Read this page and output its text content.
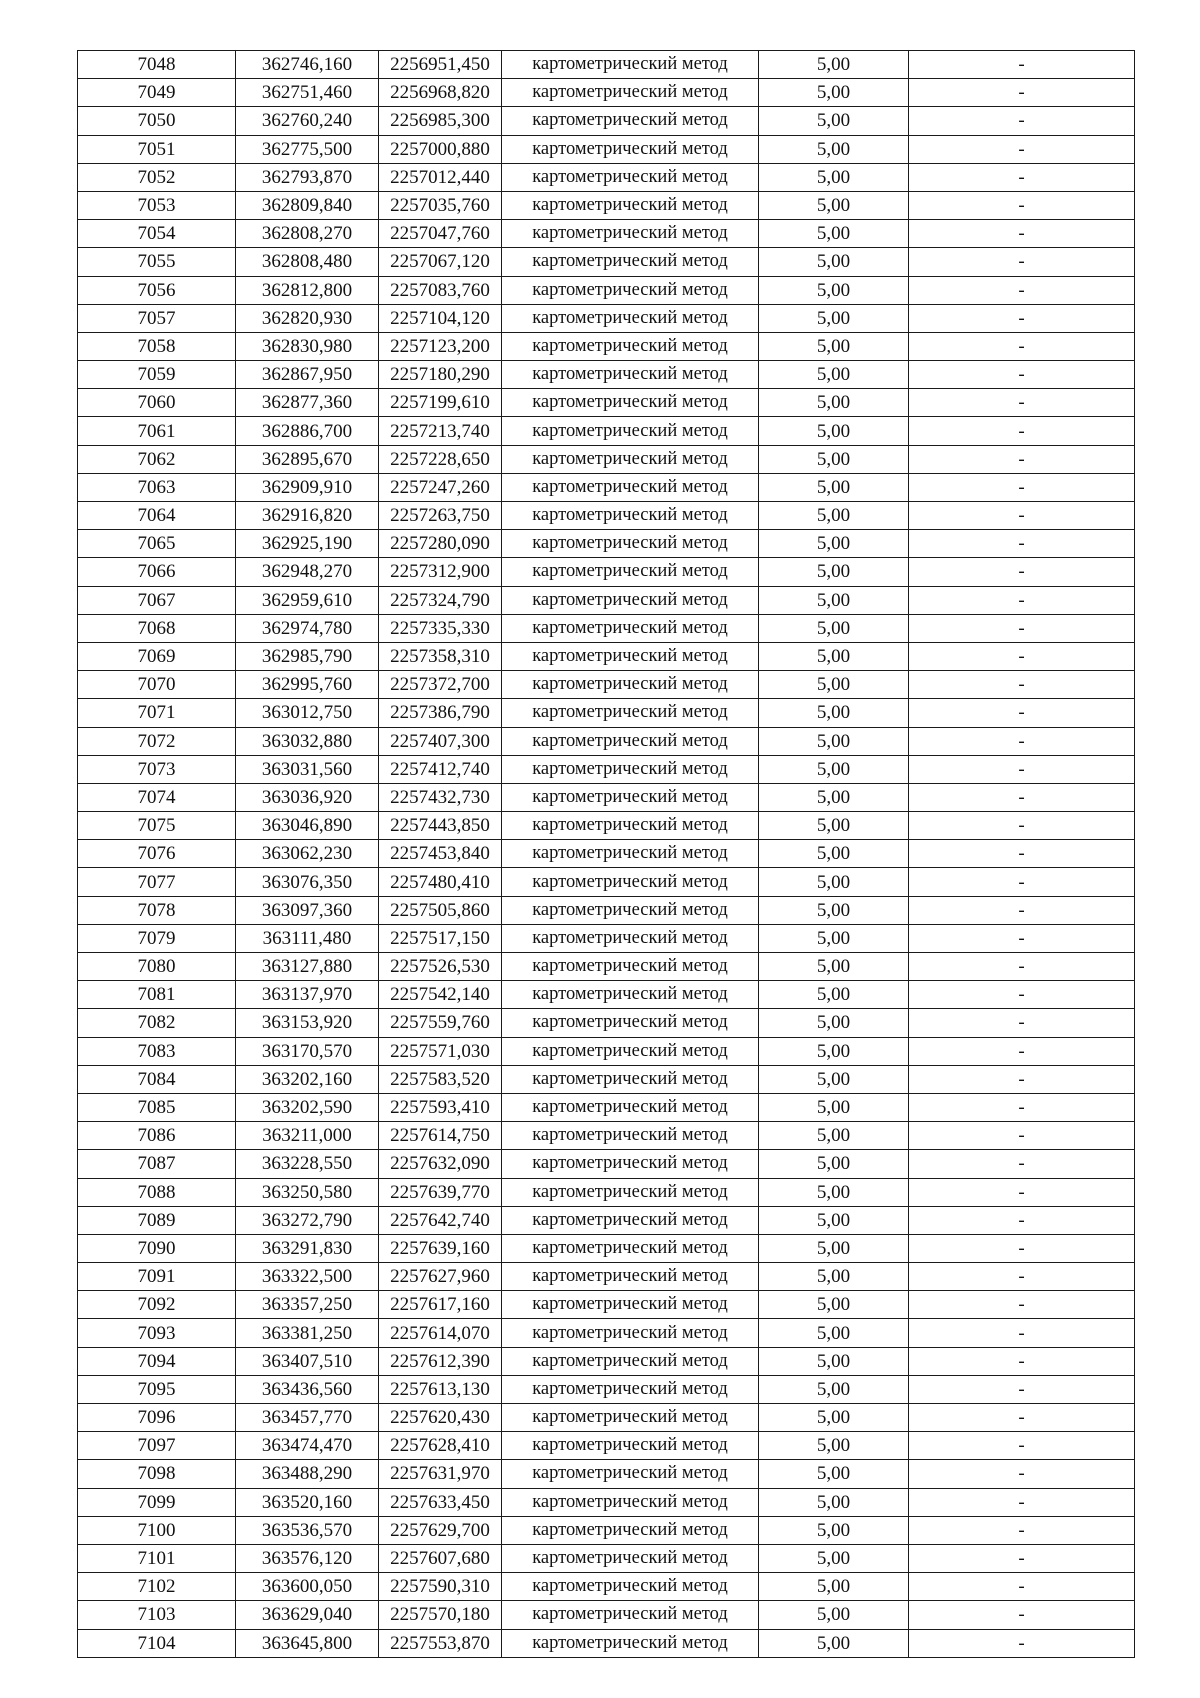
7048	362746,160	2256951,450	картометрический метод	5,00	-
7049	362751,460	2256968,820	картометрический метод	5,00	-
7050	362760,240	2256985,300	картометрический метод	5,00	-
7051	362775,500	2257000,880	картометрический метод	5,00	-
7052	362793,870	2257012,440	картометрический метод	5,00	-
7053	362809,840	2257035,760	картометрический метод	5,00	-
7054	362808,270	2257047,760	картометрический метод	5,00	-
7055	362808,480	2257067,120	картометрический метод	5,00	-
7056	362812,800	2257083,760	картометрический метод	5,00	-
7057	362820,930	2257104,120	картометрический метод	5,00	-
7058	362830,980	2257123,200	картометрический метод	5,00	-
7059	362867,950	2257180,290	картометрический метод	5,00	-
7060	362877,360	2257199,610	картометрический метод	5,00	-
7061	362886,700	2257213,740	картометрический метод	5,00	-
7062	362895,670	2257228,650	картометрический метод	5,00	-
7063	362909,910	2257247,260	картометрический метод	5,00	-
7064	362916,820	2257263,750	картометрический метод	5,00	-
7065	362925,190	2257280,090	картометрический метод	5,00	-
7066	362948,270	2257312,900	картометрический метод	5,00	-
7067	362959,610	2257324,790	картометрический метод	5,00	-
7068	362974,780	2257335,330	картометрический метод	5,00	-
7069	362985,790	2257358,310	картометрический метод	5,00	-
7070	362995,760	2257372,700	картометрический метод	5,00	-
7071	363012,750	2257386,790	картометрический метод	5,00	-
7072	363032,880	2257407,300	картометрический метод	5,00	-
7073	363031,560	2257412,740	картометрический метод	5,00	-
7074	363036,920	2257432,730	картометрический метод	5,00	-
7075	363046,890	2257443,850	картометрический метод	5,00	-
7076	363062,230	2257453,840	картометрический метод	5,00	-
7077	363076,350	2257480,410	картометрический метод	5,00	-
7078	363097,360	2257505,860	картометрический метод	5,00	-
7079	363111,480	2257517,150	картометрический метод	5,00	-
7080	363127,880	2257526,530	картометрический метод	5,00	-
7081	363137,970	2257542,140	картометрический метод	5,00	-
7082	363153,920	2257559,760	картометрический метод	5,00	-
7083	363170,570	2257571,030	картометрический метод	5,00	-
7084	363202,160	2257583,520	картометрический метод	5,00	-
7085	363202,590	2257593,410	картометрический метод	5,00	-
7086	363211,000	2257614,750	картометрический метод	5,00	-
7087	363228,550	2257632,090	картометрический метод	5,00	-
7088	363250,580	2257639,770	картометрический метод	5,00	-
7089	363272,790	2257642,740	картометрический метод	5,00	-
7090	363291,830	2257639,160	картометрический метод	5,00	-
7091	363322,500	2257627,960	картометрический метод	5,00	-
7092	363357,250	2257617,160	картометрический метод	5,00	-
7093	363381,250	2257614,070	картометрический метод	5,00	-
7094	363407,510	2257612,390	картометрический метод	5,00	-
7095	363436,560	2257613,130	картометрический метод	5,00	-
7096	363457,770	2257620,430	картометрический метод	5,00	-
7097	363474,470	2257628,410	картометрический метод	5,00	-
7098	363488,290	2257631,970	картометрический метод	5,00	-
7099	363520,160	2257633,450	картометрический метод	5,00	-
7100	363536,570	2257629,700	картометрический метод	5,00	-
7101	363576,120	2257607,680	картометрический метод	5,00	-
7102	363600,050	2257590,310	картометрический метод	5,00	-
7103	363629,040	2257570,180	картометрический метод	5,00	-
7104	363645,800	2257553,870	картометрический метод	5,00	-
